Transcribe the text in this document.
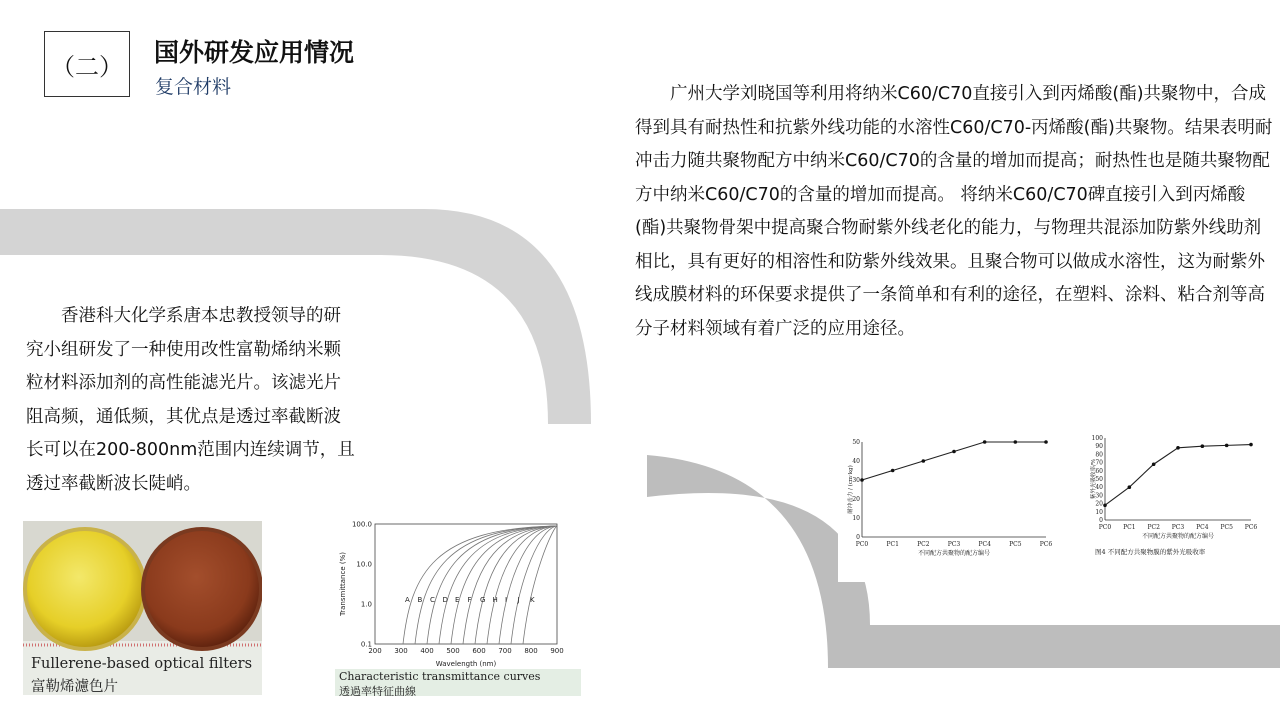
（二） 国外研发应用情况
复合材料	广州大学刘晓国等利用将纳米C60/C70直接引入到丙烯酸(酯)共聚物中，合成得到具有耐热性和抗紫外线功能的水溶性C60/C70-丙烯酸(酯)共聚物。结果表明耐冲击力随共聚物配方中纳米C60/C70的含量的增加而提高；耐热性也是随共聚物配方中纳米C60/C70的含量的增加而提高。 将纳米C60/C70碑直接引入到丙烯酸(酯)共聚物骨架中提高聚合物耐紫外线老化的能力，与物理共混添加防紫外线助剂相比，具有更好的相溶性和防紫外线效果。且聚合物可以做成水溶性，这为耐紫外线成膜材料的环保要求提供了一条简单和有利的途径，在塑料、涂料、粘合剂等高分子材料领域有着广泛的应用途径。

香港科大化学系唐本忠教授领导的研究小组研发了一种使用改性富勒烯纳米颗粒材料添加剂的高性能滤光片。该滤光片阻高频，通低频，其优点是透过率截断波长可以在200-800nm范围内连续调节，且透过率截断波长陡峭。

Fullerene-based optical filters
富勒烯濾色片
A B C D E F G H I J K
200 300 400 500 600 700 800 900
100.0
10.0
1.0
0.1
Wavelength (nm)
Transmittance (%)
Characteristic transmittance curves
透過率特征曲線
0
10
20
30
40
50
PC0	PC1	PC2	PC3	PC4	PC5	PC6
不同配方共聚物的配方编号
耐冲击力 / (cm·kg)
0
10
20
30
40
50
60
70
80
90
100
PC0 PC1 PC2 PC3 PC4 PC5 PC6
不同配方共聚物的配方编号
紫外光吸收率/%
图4 不同配方共聚物膜的紫外光吸收率
